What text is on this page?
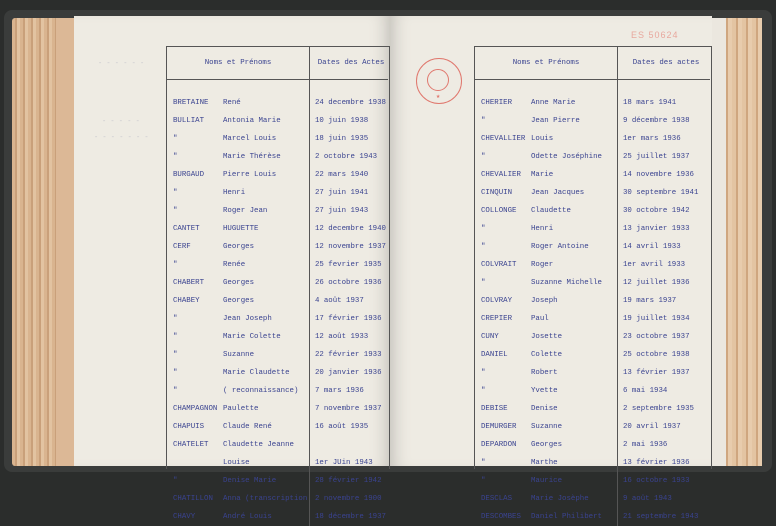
- - - - - -
- - - - -
- - - - - - -
★
ES 50624
Noms et Prénoms		Dates des Actes

BRETAINE	René	24 decembre 1938
BULLIAT	Antonia Marie	10 juin 1938
"	Marcel Louis	18 juin 1935
"	Marie Thérèse	2 octobre 1943
BURGAUD	Pierre Louis	22 mars 1940
"	Henri	27 juin 1941
"	Roger Jean	27 juin 1943
CANTET	HUGUETTE	12 decembre 1940
CERF	Georges	12 novembre 1937
"	Renée	25 fevrier 1935
CHABERT	Georges	26 octobre 1936
CHABEY	Georges	4 août 1937
"	Jean Joseph	17 février 1936
"	Marie Colette	12 août 1933
"	Suzanne	22 février 1933
"	Marie Claudette	20 janvier 1936
"	( reconnaissance)	7 mars 1936
CHAMPAGNON	Paulette	7 novembre 1937
CHAPUIS	Claude René	16 août 1935
CHATELET	Claudette Jeanne	
	Louise	1er JUin 1943
"	Denise Marie	28 février 1942
CHATILLON	Anna (transcription	2 novembre 1900
CHAVY	André Louis	18 décembre 1937
Noms et Prénoms		Dates des actes

CHERIER	Anne Marie	18 mars 1941
"	Jean Pierre	9 décembre 1938
CHEVALLIER	Louis	1er mars 1936
"	Odette Joséphine	25 juillet 1937
CHEVALIER	Marie	14 novembre 1936
CINQUIN	Jean Jacques	30 septembre 1941
COLLONGE	Claudette	30 octobre 1942
"	Henri	13 janvier 1933
"	Roger Antoine	14 avril 1933
COLVRAIT	Roger	1er avril 1933
"	Suzanne Michelle	12 juillet 1936
COLVRAY	Joseph	19 mars 1937
CREPIER	Paul	19 juillet 1934
CUNY	Josette	23 octobre 1937
DANIEL	Colette	25 octobre 1938
"	Robert	13 février 1937
"	Yvette	6 mai 1934
DEBISE	Denise	2 septembre 1935
DEMURGER	Suzanne	20 avril 1937
DEPARDON	Georges	2 mai 1936
"	Marthe	13 février 1936
"	Maurice	16 octobre 1933
DESCLAS	Marie Josèphe	9 août 1943
DESCOMBES	Daniel Philibert	21 septembre 1943
